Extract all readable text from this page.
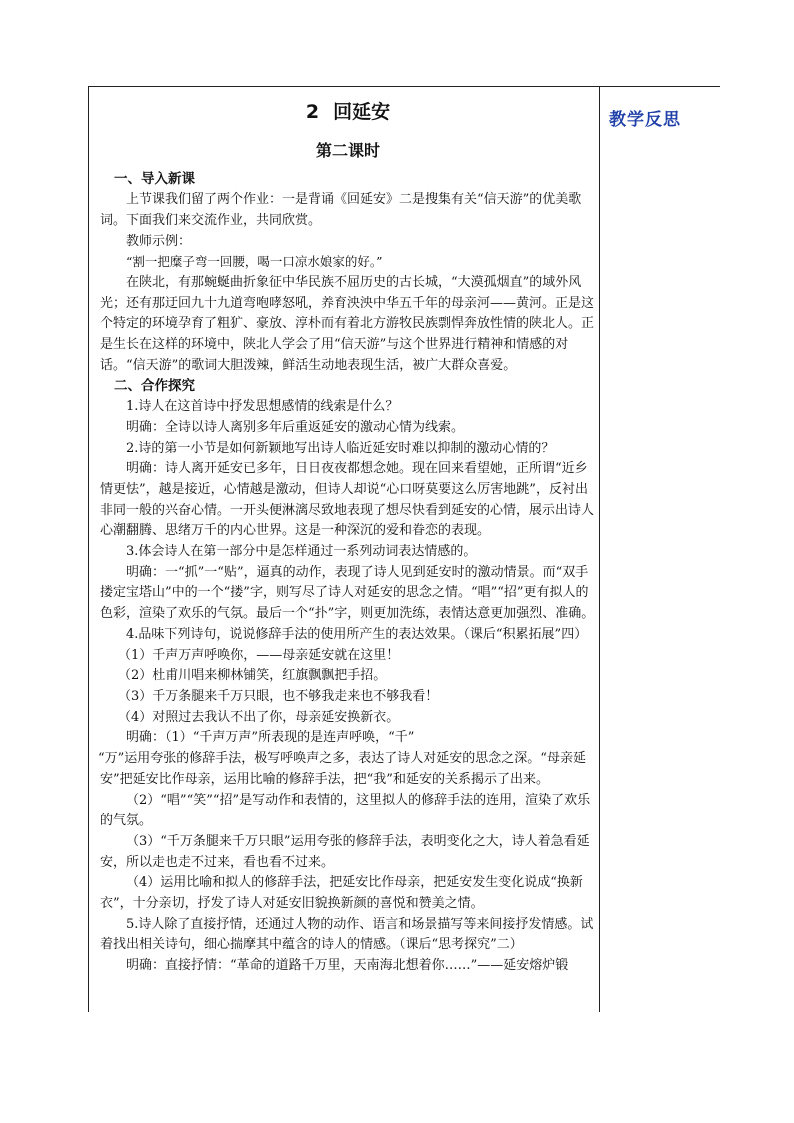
教学反思
2 回延安
第二课时
一、导入新课

上节课我们留了两个作业：一是背诵《回延安》二是搜集有关“信天游”的优美歌词。下面我们来交流作业，共同欣赏。

教师示例：

“割一把糜子弯一回腰，喝一口凉水娘家的好。”

在陕北，有那蜿蜒曲折象征中华民族不屈历史的古长城，“大漠孤烟直”的域外风光；还有那迂回九十九道弯咆哮怒吼，养育泱泱中华五千年的母亲河——黄河。正是这个特定的环境孕育了粗犷、豪放、淳朴而有着北方游牧民族剽悍奔放性情的陕北人。正是生长在这样的环境中，陕北人学会了用“信天游”与这个世界进行精神和情感的对话。“信天游”的歌词大胆泼辣，鲜活生动地表现生活，被广大群众喜爱。

二、合作探究

1.诗人在这首诗中抒发思想感情的线索是什么？

明确：全诗以诗人离别多年后重返延安的激动心情为线索。

2.诗的第一小节是如何新颖地写出诗人临近延安时难以抑制的激动心情的？

明确：诗人离开延安已多年，日日夜夜都想念她。现在回来看望她，正所谓“近乡情更怯”，越是接近，心情越是激动，但诗人却说“心口呀莫要这么厉害地跳”，反衬出非同一般的兴奋心情。一开头便淋漓尽致地表现了想尽快看到延安的心情，展示出诗人心潮翻腾、思绪万千的内心世界。这是一种深沉的爱和眷恋的表现。

3.体会诗人在第一部分中是怎样通过一系列动词表达情感的。

明确：一“抓”一“贴”，逼真的动作，表现了诗人见到延安时的激动情景。而“双手搂定宝塔山”中的一个“搂”字，则写尽了诗人对延安的思念之情。“唱”“招”更有拟人的色彩，渲染了欢乐的气氛。最后一个“扑”字，则更加洗练，表情达意更加强烈、准确。

4.品味下列诗句，说说修辞手法的使用所产生的表达效果。（课后“积累拓展”四）

（1）千声万声呼唤你，——母亲延安就在这里！

（2）杜甫川唱来柳林铺笑，红旗飘飘把手招。

（3）千万条腿来千万只眼，也不够我走来也不够我看！

（4）对照过去我认不出了你，母亲延安换新衣。

明确：（1）“千声万声”所表现的是连声呼唤，“千”

“万”运用夸张的修辞手法，极写呼唤声之多，表达了诗人对延安的思念之深。“母亲延安”把延安比作母亲，运用比喻的修辞手法，把“我”和延安的关系揭示了出来。

（2）“唱”“笑”“招”是写动作和表情的，这里拟人的修辞手法的连用，渲染了欢乐的气氛。

（3）“千万条腿来千万只眼”运用夸张的修辞手法，表明变化之大，诗人着急看延安，所以走也走不过来，看也看不过来。

（4）运用比喻和拟人的修辞手法，把延安比作母亲，把延安发生变化说成“换新衣”，十分亲切，抒发了诗人对延安旧貌换新颜的喜悦和赞美之情。

5.诗人除了直接抒情，还通过人物的动作、语言和场景描写等来间接抒发情感。试着找出相关诗句，细心揣摩其中蕴含的诗人的情感。（课后“思考探究”二）

明确：直接抒情：“革命的道路千万里，天南海北想着你……”——延安熔炉锻
